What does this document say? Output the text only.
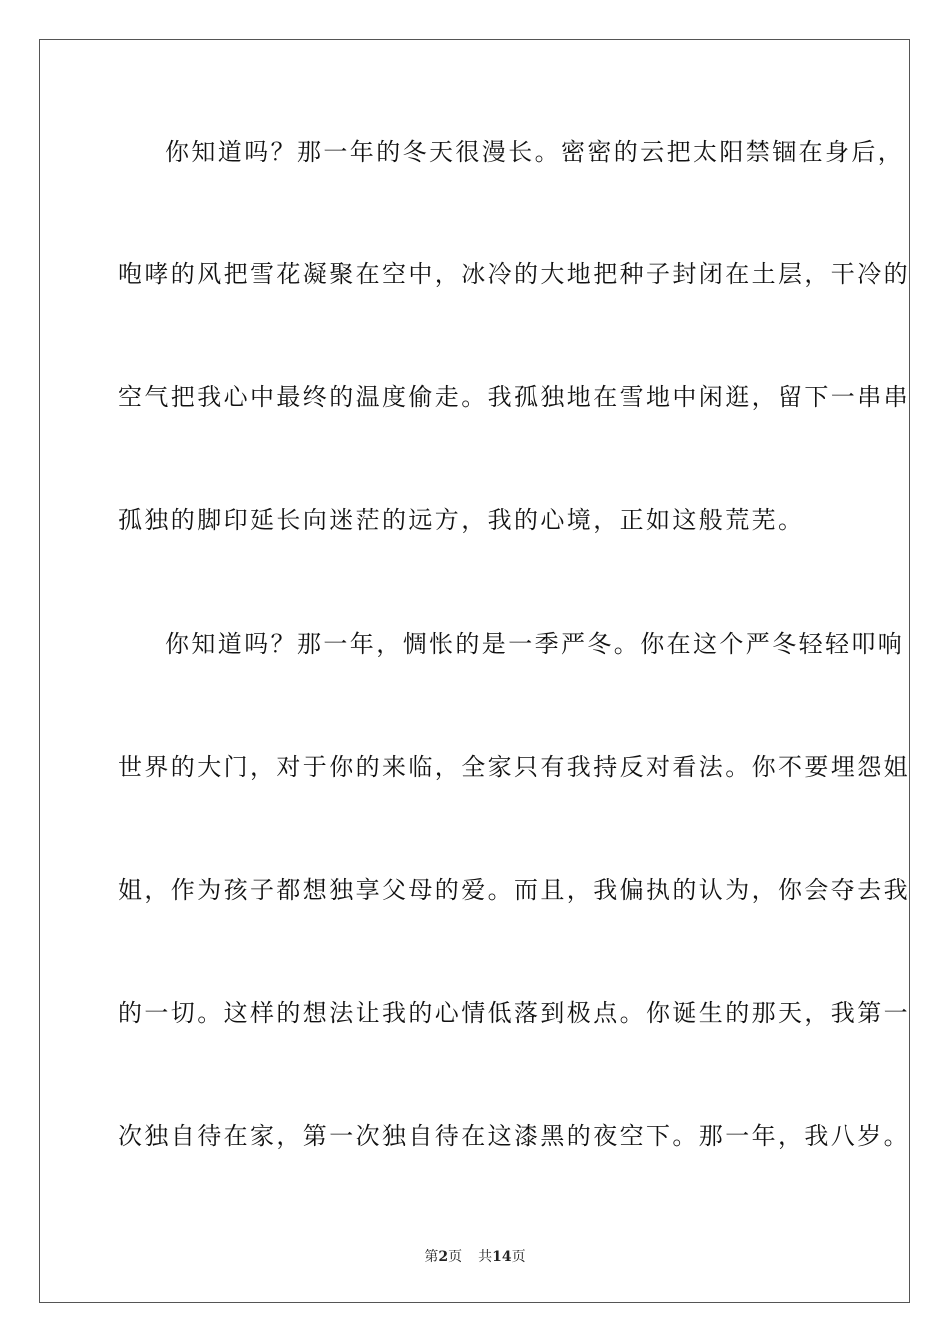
你知道吗？那一年的冬天很漫长。密密的云把太阳禁锢在身后，
咆哮的风把雪花凝聚在空中，冰冷的大地把种子封闭在土层，干冷的
空气把我心中最终的温度偷走。我孤独地在雪地中闲逛，留下一串串
孤独的脚印延长向迷茫的远方，我的心境，正如这般荒芜。
你知道吗？那一年，惆怅的是一季严冬。你在这个严冬轻轻叩响
世界的大门，对于你的来临，全家只有我持反对看法。你不要埋怨姐
姐，作为孩子都想独享父母的爱。而且，我偏执的认为，你会夺去我
的一切。这样的想法让我的心情低落到极点。你诞生的那天，我第一
次独自待在家，第一次独自待在这漆黑的夜空下。那一年，我八岁。
第2页 共14页
